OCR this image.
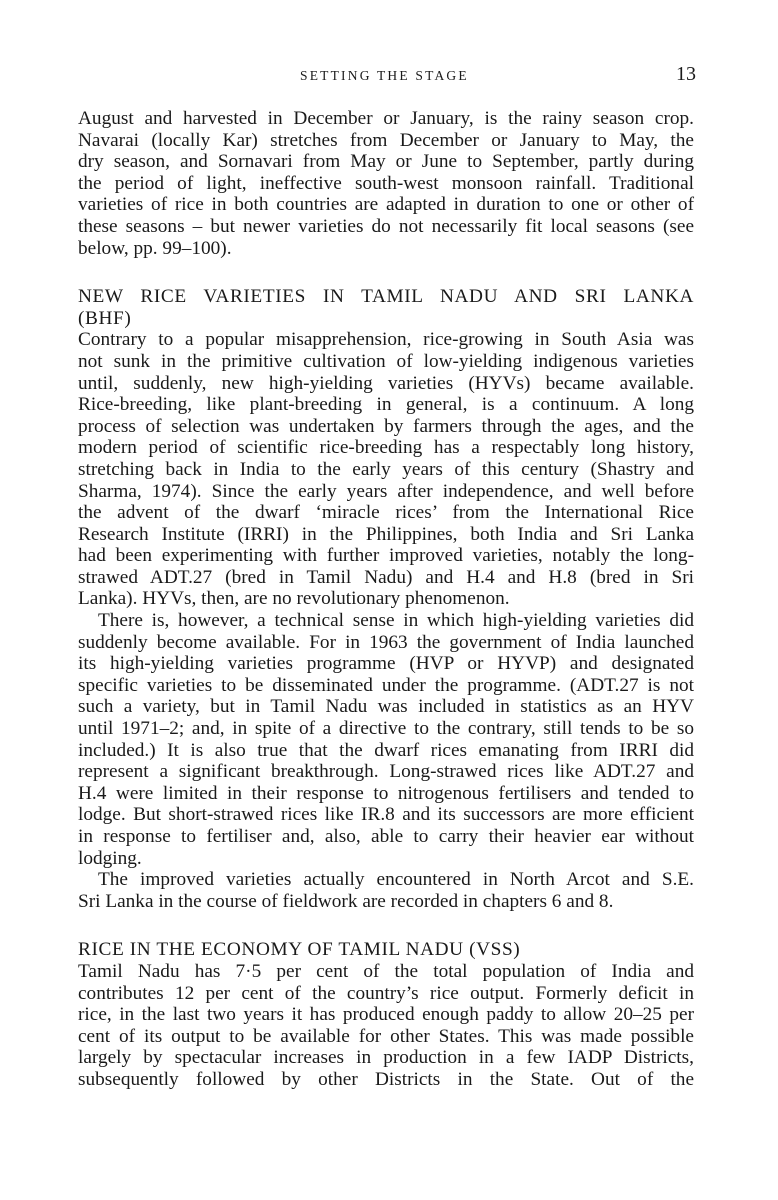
SETTING THE STAGE	13
August and harvested in December or January, is the rainy season crop.
Navarai (locally Kar) stretches from December or January to May, the
dry season, and Sornavari from May or June to September, partly during
the period of light, ineffective south-west monsoon rainfall. Traditional
varieties of rice in both countries are adapted in duration to one or other of
these seasons – but newer varieties do not necessarily fit local seasons (see
below, pp. 99–100).
NEW RICE VARIETIES IN TAMIL NADU AND SRI LANKA
(BHF)
Contrary to a popular misapprehension, rice-growing in South Asia was
not sunk in the primitive cultivation of low-yielding indigenous varieties
until, suddenly, new high-yielding varieties (HYVs) became available.
Rice-breeding, like plant-breeding in general, is a continuum. A long
process of selection was undertaken by farmers through the ages, and the
modern period of scientific rice-breeding has a respectably long history,
stretching back in India to the early years of this century (Shastry and
Sharma, 1974). Since the early years after independence, and well before
the advent of the dwarf ‘miracle rices’ from the International Rice
Research Institute (IRRI) in the Philippines, both India and Sri Lanka
had been experimenting with further improved varieties, notably the long-
strawed ADT.27 (bred in Tamil Nadu) and H.4 and H.8 (bred in Sri
Lanka). HYVs, then, are no revolutionary phenomenon.
There is, however, a technical sense in which high-yielding varieties did
suddenly become available. For in 1963 the government of India launched
its high-yielding varieties programme (HVP or HYVP) and designated
specific varieties to be disseminated under the programme. (ADT.27 is not
such a variety, but in Tamil Nadu was included in statistics as an HYV
until 1971–2; and, in spite of a directive to the contrary, still tends to be so
included.) It is also true that the dwarf rices emanating from IRRI did
represent a significant breakthrough. Long-strawed rices like ADT.27 and
H.4 were limited in their response to nitrogenous fertilisers and tended to
lodge. But short-strawed rices like IR.8 and its successors are more efficient
in response to fertiliser and, also, able to carry their heavier ear without
lodging.
The improved varieties actually encountered in North Arcot and S.E.
Sri Lanka in the course of fieldwork are recorded in chapters 6 and 8.
RICE IN THE ECONOMY OF TAMIL NADU (VSS)
Tamil Nadu has 7·5 per cent of the total population of India and
contributes 12 per cent of the country’s rice output. Formerly deficit in
rice, in the last two years it has produced enough paddy to allow 20–25 per
cent of its output to be available for other States. This was made possible
largely by spectacular increases in production in a few IADP Districts,
subsequently followed by other Districts in the State. Out of the
